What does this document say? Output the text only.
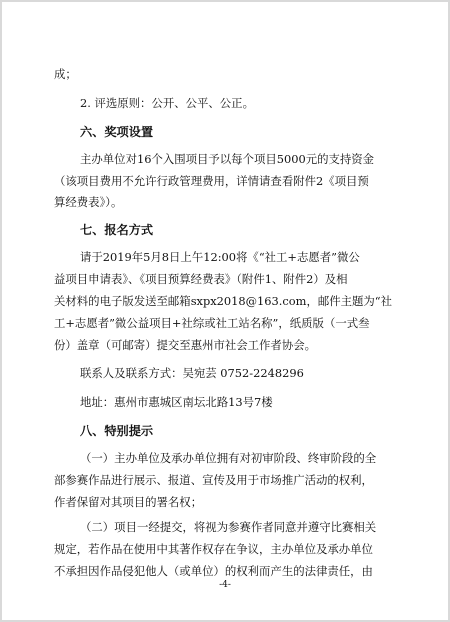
成；
2. 评选原则：公开、公平、公正。
六、奖项设置
主办单位对16个入围项目予以每个项目5000元的支持资金
（该项目费用不允许行政管理费用，详情请查看附件2《项目预
算经费表》）。
七、报名方式
请于2019年5月8日上午12:00将《“社工+志愿者”微公
益项目申请表》、《项目预算经费表》（附件1、附件2）及相
关材料的电子版发送至邮箱sxpx2018@163.com，邮件主题为“社
工+志愿者”微公益项目+社综或社工站名称”，纸质版（一式叁
份）盖章（可邮寄）提交至惠州市社会工作者协会。
联系人及联系方式：吴宛芸 0752-2248296
地址：惠州市惠城区南坛北路13号7楼
八、特别提示
（一）主办单位及承办单位拥有对初审阶段、终审阶段的全
部参赛作品进行展示、报道、宣传及用于市场推广活动的权利，
作者保留对其项目的署名权；
（二）项目一经提交，将视为参赛作者同意并遵守比赛相关
规定，若作品在使用中其著作权存在争议，主办单位及承办单位
不承担因作品侵犯他人（或单位）的权利而产生的法律责任，由
-4-
